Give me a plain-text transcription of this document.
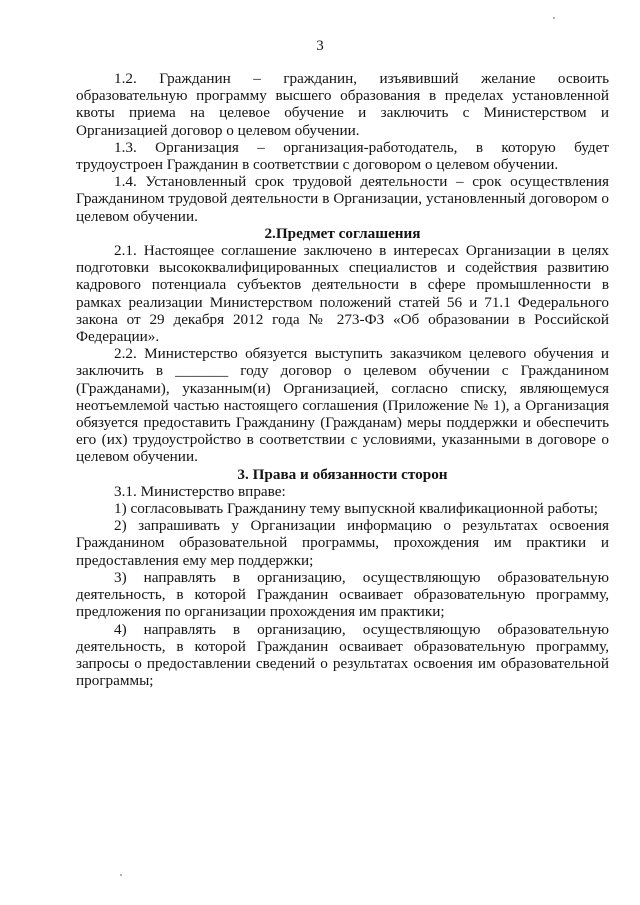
3

1.2. Гражданин – гражданин, изъявивший желание освоить образовательную программу высшего образования в пределах установленной квоты приема на целевое обучение и заключить с Министерством и Организацией договор о целевом обучении.

1.3. Организация – организация-работодатель, в которую будет трудоустроен Гражданин в соответствии с договором о целевом обучении.

1.4. Установленный срок трудовой деятельности – срок осуществления Гражданином трудовой деятельности в Организации, установленный договором о целевом обучении.

2.Предмет соглашения

2.1. Настоящее соглашение заключено в интересах Организации в целях подготовки высококвалифицированных специалистов и содействия развитию кадрового потенциала субъектов деятельности в сфере промышленности в рамках реализации Министерством положений статей 56 и 71.1 Федерального закона от 29 декабря 2012 года № 273-ФЗ «Об образовании в Российской Федерации».

2.2. Министерство обязуется выступить заказчиком целевого обучения и заключить в _______ году договор о целевом обучении с Гражданином (Гражданами), указанным(и) Организацией, согласно списку, являющемуся неотъемлемой частью настоящего соглашения (Приложение № 1), а Организация обязуется предоставить Гражданину (Гражданам) меры поддержки и обеспечить его (их) трудоустройство в соответствии с условиями, указанными в договоре о целевом обучении.

3. Права и обязанности сторон

3.1. Министерство вправе:

1) согласовывать Гражданину тему выпускной квалификационной работы;

2) запрашивать у Организации информацию о результатах освоения Гражданином образовательной программы, прохождения им практики и предоставления ему мер поддержки;

3) направлять в организацию, осуществляющую образовательную деятельность, в которой Гражданин осваивает образовательную программу, предложения по организации прохождения им практики;

4) направлять в организацию, осуществляющую образовательную деятельность, в которой Гражданин осваивает образовательную программу, запросы о предоставлении сведений о результатах освоения им образовательной программы;
